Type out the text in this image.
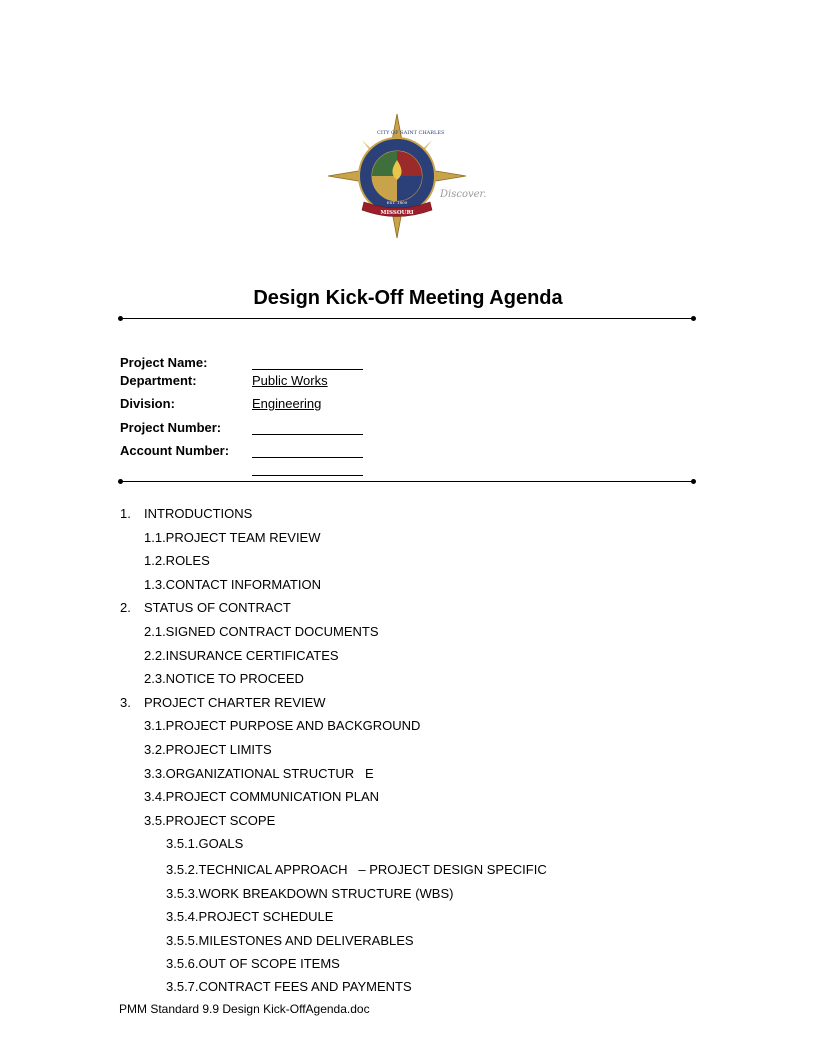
CITY OF SAINT CHARLES
MISSOURI
EST. 1809
Discover.
Design Kick-Off Meeting Agenda
Project Name:
Department:	Public Works
Division:	Engineering
Project Number:
Account Number:
1. INTRODUCTIONS
1.1.PROJECT TEAM REVIEW
1.2.ROLES
1.3.CONTACT INFORMATION
2. STATUS OF CONTRACT
2.1.SIGNED CONTRACT DOCUMENTS
2.2.INSURANCE CERTIFICATES
2.3.NOTICE TO PROCEED
3. PROJECT CHARTER REVIEW
3.1.PROJECT PURPOSE AND BACKGROUND
3.2.PROJECT LIMITS
3.3.ORGANIZATIONAL STRUCTUR   E
3.4.PROJECT COMMUNICATION PLAN
3.5.PROJECT SCOPE
3.5.1.GOALS
3.5.2.TECHNICAL APPROACH   – PROJECT DESIGN SPECIFIC
3.5.3.WORK BREAKDOWN STRUCTURE (WBS)
3.5.4.PROJECT SCHEDULE
3.5.5.MILESTONES AND DELIVERABLES
3.5.6.OUT OF SCOPE ITEMS
3.5.7.CONTRACT FEES AND PAYMENTS
PMM Standard 9.9 Design Kick-OffAgenda.doc
